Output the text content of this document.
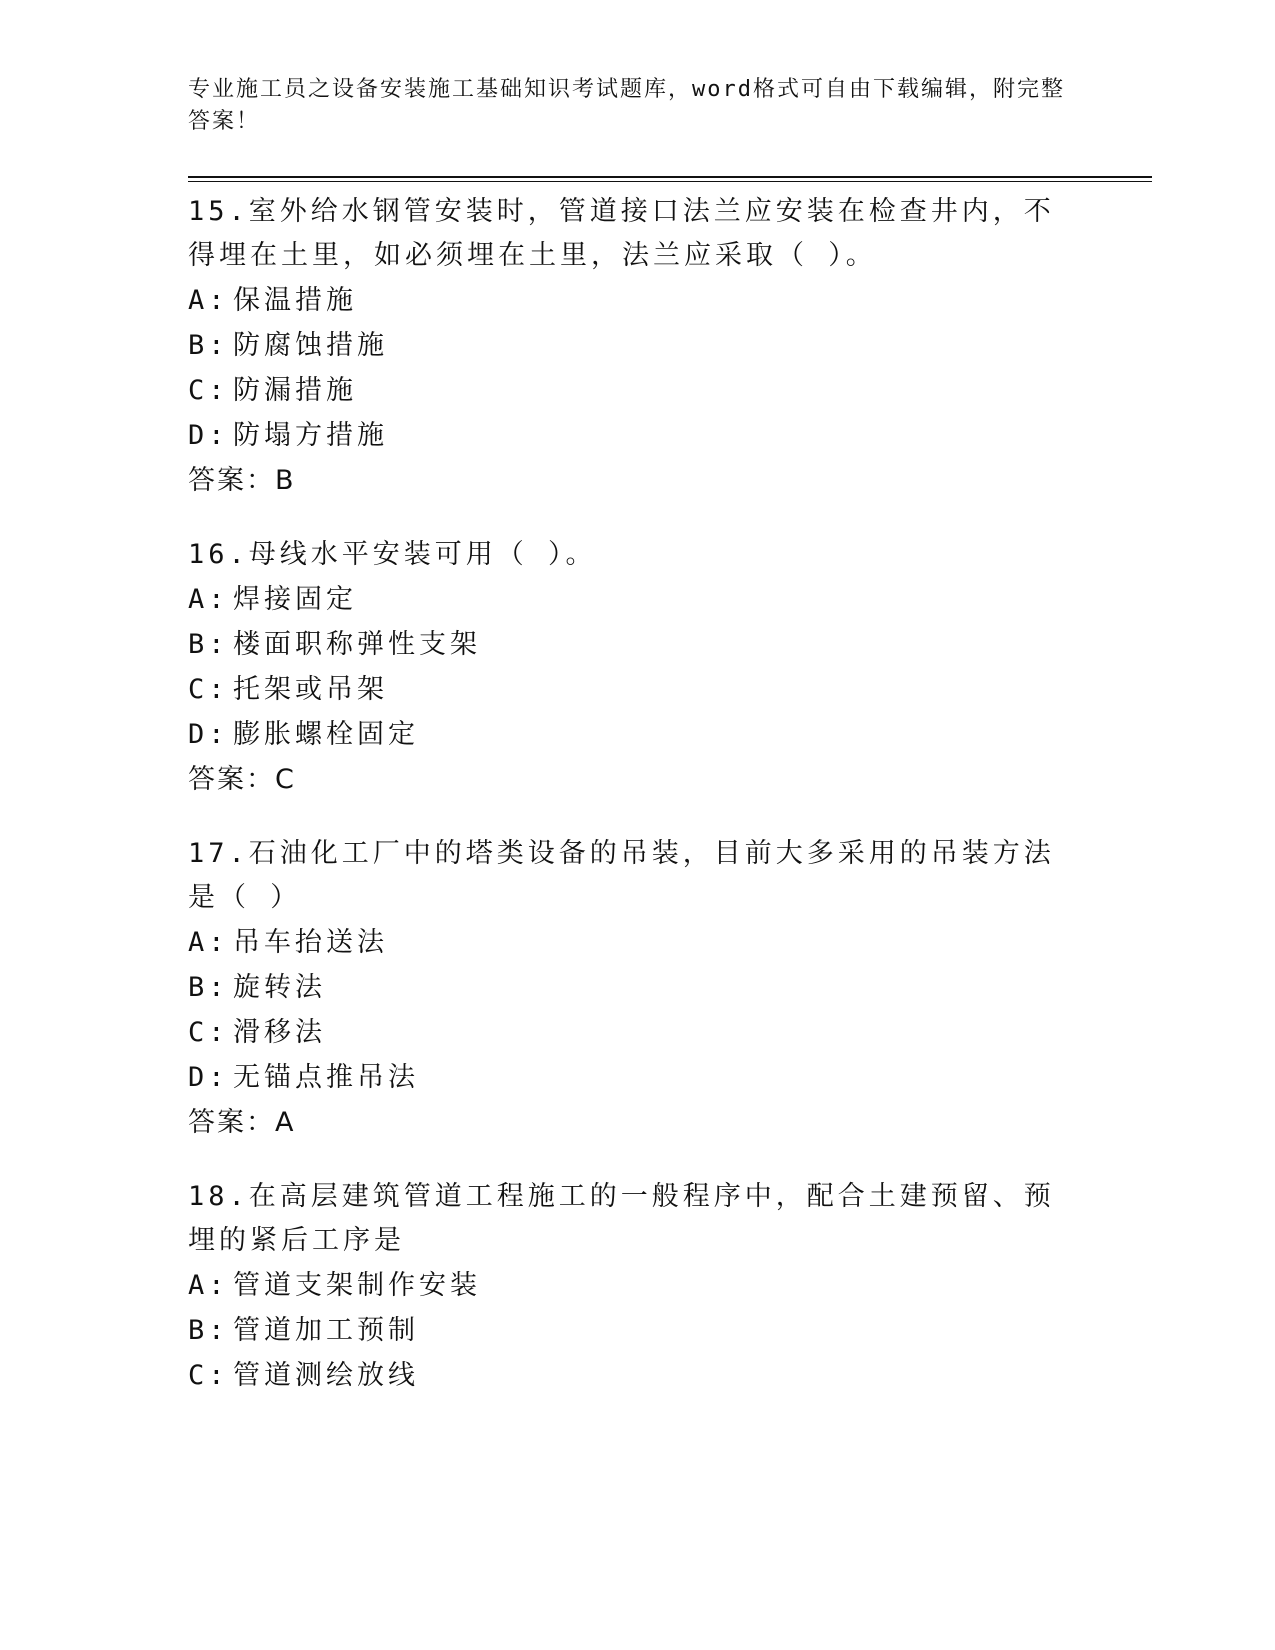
专业施工员之设备安装施工基础知识考试题库，word格式可自由下载编辑，附完整答案！

15.室外给水钢管安装时，管道接口法兰应安装在检查井内，不得埋在土里，如必须埋在土里，法兰应采取（ ）。

A: 保温措施
B: 防腐蚀措施
C: 防漏措施
D: 防塌方措施
答案：B

16.母线水平安装可用（ ）。

A: 焊接固定
B: 楼面职称弹性支架
C: 托架或吊架
D: 膨胀螺栓固定
答案：C

17.石油化工厂中的塔类设备的吊装，目前大多采用的吊装方法是（ ）

A: 吊车抬送法
B: 旋转法
C: 滑移法
D: 无锚点推吊法
答案：A

18.在高层建筑管道工程施工的一般程序中，配合土建预留、预埋的紧后工序是

A: 管道支架制作安装
B: 管道加工预制
C: 管道测绘放线
